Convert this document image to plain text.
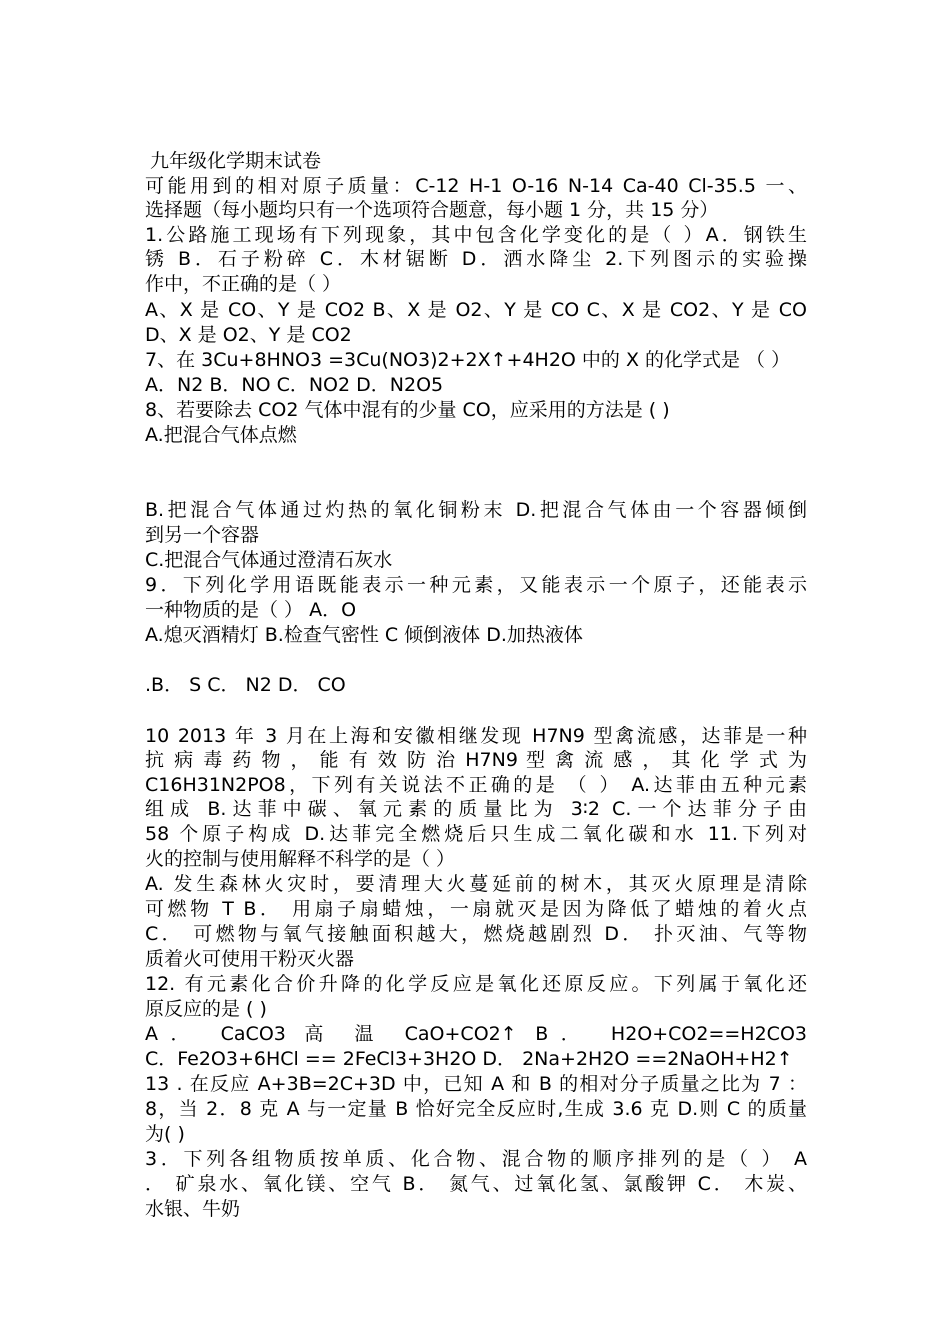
九年级化学期末试卷
可能用到的相对原子质量：C-12 H-1 O-16 N-14 Ca-40 Cl-35.5 一、
选择题（每小题均只有一个选项符合题意，每小题 1 分，共 15 分）
1.公路施工现场有下列现象，其中包含化学变化的是（ ）A．钢铁生
锈 B．石子粉碎 C．木材锯断 D．洒水降尘 2.下列图示的实验操
作中，不正确的是（ ）
A、X 是 CO、Y 是 CO2 B、X 是 O2、Y 是 CO C、X 是 CO2、Y 是 CO
D、X 是 O2、Y 是 CO2
7、在 3Cu+8HNO3 =3Cu(NO3)2+2X↑+4H2O 中的 X 的化学式是 （ ）
A．N2 B．NO C．NO2 D．N2O5
8、若要除去 CO2 气体中混有的少量 CO，应采用的方法是 ( )
A.把混合气体点燃
B.把混合气体通过灼热的氧化铜粉末 D.把混合气体由一个容器倾倒
到另一个容器
C.把混合气体通过澄清石灰水
9．下列化学用语既能表示一种元素，又能表示一个原子，还能表示
一种物质的是（ ） A．O
A.熄灭酒精灯 B.检查气密性 C 倾倒液体 D.加热液体
.B． S C． N2 D． CO
10 2013 年 3 月在上海和安徽相继发现 H7N9 型禽流感，达菲是一种
抗 病 毒 药 物 ， 能 有 效 防 治 H7N9 型 禽 流 感 ， 其 化 学 式 为
C16H31N2PO8，下列有关说法不正确的是 （ ） A.达菲由五种元素
组成 B.达菲中碳、氧元素的质量比为 3∶2 C.一个达菲分子由
58 个原子构成 D.达菲完全燃烧后只生成二氧化碳和水 11.下列对
火的控制与使用解释不科学的是（ ）
A. 发生森林火灾时，要清理大火蔓延前的树木，其灭火原理是清除
可燃物 T B． 用扇子扇蜡烛，一扇就灭是因为降低了蜡烛的着火点
C． 可燃物与氧气接触面积越大，燃烧越剧烈 D． 扑灭油、气等物
质着火可使用干粉灭火器
12. 有元素化合价升降的化学反应是氧化还原反应。下列属于氧化还
原反应的是 ( )
A． CaCO3 高 温 CaO+CO2↑ B． H2O+CO2==H2CO3
C．Fe2O3+6HCl == 2FeCl3+3H2O D． 2Na+2H2O ==2NaOH+H2↑
13 . 在反应 A+3B=2C+3D 中，已知 A 和 B 的相对分子质量之比为 7 ：
8，当 2．8 克 A 与一定量 B 恰好完全反应时,生成 3.6 克 D.则 C 的质量
为( )
3．下列各组物质按单质、化合物、混合物的顺序排列的是（ ） A
． 矿泉水、氧化镁、空气 B． 氮气、过氧化氢、氯酸钾 C． 木炭、
水银、牛奶
